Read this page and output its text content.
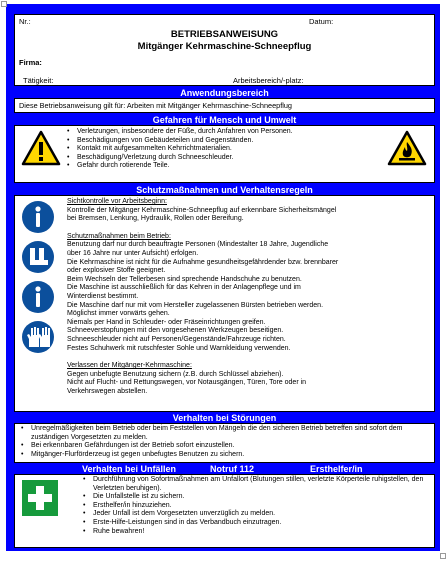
Nr.:	Datum:
BETRIEBSANWEISUNG
Mitgänger Kehrmaschine-Schneepflug
Firma:
Tätigkeit:	Arbeitsbereich/-platz:
Anwendungsbereich
Diese Betriebsanweisung gilt für: Arbeiten mit Mitgänger Kehrmaschine-Schneepflug
Gefahren für Mensch und Umwelt
• Verletzungen, insbesondere der Füße, durch Anfahren von Personen.
• Beschädigungen von Gebäudeteilen und Gegenständen.
• Kontakt mit aufgesammelten Kehrrichtmaterialien.
• Beschädigung/Verletzung durch Schneeschleuder.
• Gefahr durch rotierende Teile.
Schutzmaßnahmen und Verhaltensregeln
Sichtkontrolle vor Arbeitsbeginn:
Kontrolle der Mitgänger Kehrmaschine-Schneepflug auf erkennbare Sicherheitsmängel
bei Bremsen, Lenkung, Hydraulik, Rollen oder Bereifung.
Schutzmaßnahmen beim Betrieb:
Benutzung darf nur durch beauftragte Personen (Mindestalter 18 Jahre, Jugendliche
über 16 Jahre nur unter Aufsicht) erfolgen.
Die Kehrmaschine ist nicht für die Aufnahme gesundheitsgefährdender bzw. brennbarer
oder explosiver Stoffe geeignet.
Beim Wechseln der Tellerbesen sind sprechende Handschuhe zu benutzen.
Die Maschine ist ausschließlich für das Kehren in der Anlagenpflege und im
Winterdienst bestimmt.
Die Maschine darf nur mit vom Hersteller zugelassenen Bürsten betrieben werden.
Möglichst immer vorwärts gehen.
Niemals per Hand in Schleuder- oder Fräseinrichtungen greifen.
Schneeverstopfungen mit den vorgesehenen Werkzeugen beseitigen.
Schneeschleuder nicht auf Personen/Gegenstände/Fahrzeuge richten.
Festes Schuhwerk mit rutschfester Sohle und Warnkleidung verwenden.
Verlassen der Mitgänger-Kehrmaschine:
Gegen unbefugte Benutzung sichern (z.B. durch Schlüssel abziehen).
Nicht auf Flucht- und Rettungswegen, vor Notausgängen, Türen, Tore oder in
Verkehrswegen abstellen.
Verhalten bei Störungen
• Unregelmäßigkeiten beim Betrieb oder beim Feststellen von Mängeln die den sicheren Betrieb betreffen sind sofort dem zuständigen Vorgesetzten zu melden.
• Bei erkennbaren Gefährdungen ist der Betrieb sofort einzustellen.
• Mitgänger-Flurförderzeug ist gegen unbefugtes Benutzen zu sichern.
Verhalten bei Unfällen	Notruf 112	Ersthelfer/in
• Durchführung von Sofortmaßnahmen am Unfallort (Blutungen stillen, verletzte Körperteile ruhigstellen, den Verletzten beruhigen).
• Die Unfallstelle ist zu sichern.
• Ersthelfer/in hinzuziehen.
• Jeder Unfall ist dem Vorgesetzten unverzüglich zu melden.
• Erste-Hilfe-Leistungen sind in das Verbandbuch einzutragen.
• Ruhe bewahren!
